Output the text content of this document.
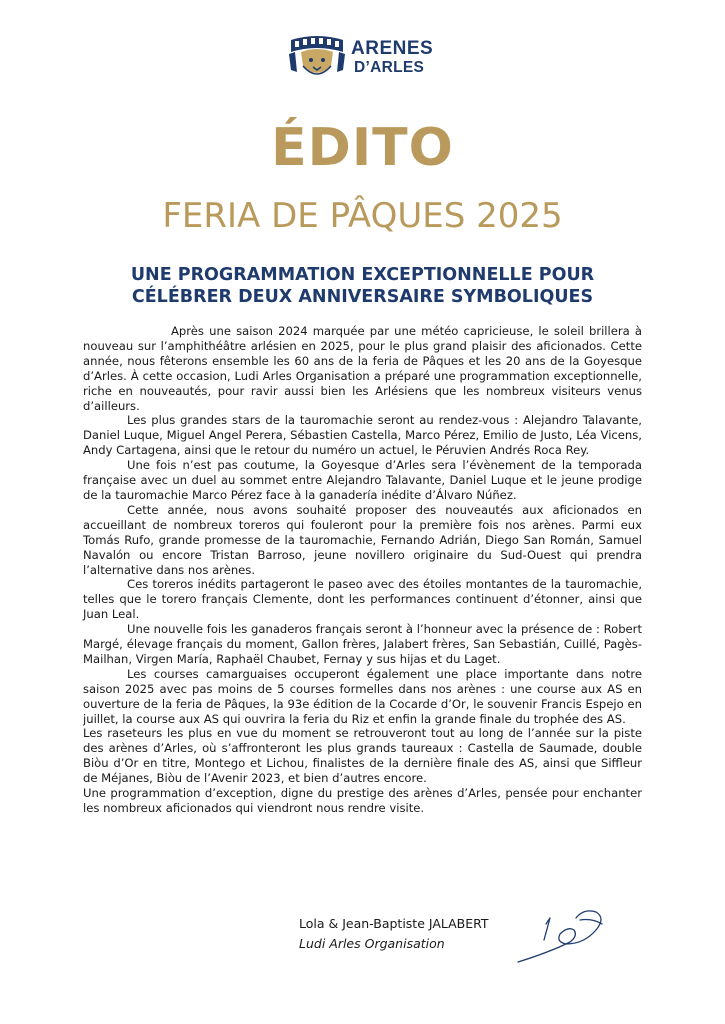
ARENES
D’ARLES
ÉDITO
FERIA DE PÂQUES 2025
UNE PROGRAMMATION EXCEPTIONNELLE POUR
CÉLÉBRER DEUX ANNIVERSAIRE SYMBOLIQUES

Après une saison 2024 marquée par une météo capricieuse, le soleil brillera à nouveau sur l’amphithéâtre arlésien en 2025, pour le plus grand plaisir des aficionados. Cette année, nous fêterons ensemble les 60 ans de la feria de Pâques et les 20 ans de la Goyesque d’Arles. À cette occasion, Ludi Arles Organisation a préparé une programmation exceptionnelle, riche en nouveautés, pour ravir aussi bien les Arlésiens que les nombreux visiteurs venus d’ailleurs.

Les plus grandes stars de la tauromachie seront au rendez-vous : Alejandro Talavante, Daniel Luque, Miguel Angel Perera, Sébastien Castella, Marco Pérez, Emilio de Justo, Léa Vicens, Andy Cartagena, ainsi que le retour du numéro un actuel, le Péruvien Andrés Roca Rey.

Une fois n’est pas coutume, la Goyesque d’Arles sera l’évènement de la temporada française avec un duel au sommet entre Alejandro Talavante, Daniel Luque et le jeune prodige de la tauromachie Marco Pérez face à la ganadería inédite d’Álvaro Núñez.

Cette année, nous avons souhaité proposer des nouveautés aux aficionados en accueillant de nombreux toreros qui fouleront pour la première fois nos arènes. Parmi eux Tomás Rufo, grande promesse de la tauromachie, Fernando Adrián, Diego San Román, Samuel Navalón ou encore Tristan Barroso, jeune novillero originaire du Sud-Ouest qui prendra l’alternative dans nos arènes.

Ces toreros inédits partageront le paseo avec des étoiles montantes de la tauromachie, telles que le torero français Clemente, dont les performances continuent d’étonner, ainsi que Juan Leal.

Une nouvelle fois les ganaderos français seront à l’honneur avec la présence de : Robert Margé, élevage français du moment, Gallon frères, Jalabert frères, San Sebastián, Cuillé, Pagès-Mailhan, Virgen María, Raphaël Chaubet, Fernay y sus hijas et du Laget.

Les courses camarguaises occuperont également une place importante dans notre saison 2025 avec pas moins de 5 courses formelles dans nos arènes : une course aux AS en ouverture de la feria de Pâques, la 93e édition de la Cocarde d’Or, le souvenir Francis Espejo en juillet, la course aux AS qui ouvrira la feria du Riz et enfin la grande finale du trophée des AS.

Les raseteurs les plus en vue du moment se retrouveront tout au long de l’année sur la piste des arènes d’Arles, où s’affronteront les plus grands taureaux : Castella de Saumade, double Biòu d’Or en titre, Montego et Lichou, finalistes de la dernière finale des AS, ainsi que Siffleur de Méjanes, Biòu de l’Avenir 2023, et bien d’autres encore.

Une programmation d’exception, digne du prestige des arènes d’Arles, pensée pour enchanter les nombreux aficionados qui viendront nous rendre visite.

Lola & Jean-Baptiste JALABERT
Ludi Arles Organisation
